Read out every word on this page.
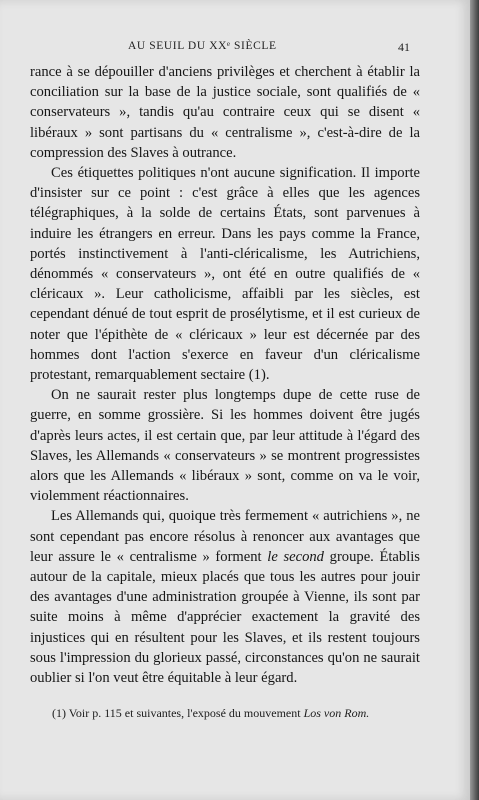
AU SEUIL DU XXᵉ SIÈCLE	41

rance à se dépouiller d'anciens privilèges et cherchent à établir la conciliation sur la base de la justice sociale, sont qualifiés de « conservateurs », tandis qu'au contraire ceux qui se disent « libéraux » sont partisans du « centralisme », c'est-à-dire de la compression des Slaves à outrance.

Ces étiquettes politiques n'ont aucune signification. Il importe d'insister sur ce point : c'est grâce à elles que les agences télégraphiques, à la solde de certains États, sont parvenues à induire les étrangers en erreur. Dans les pays comme la France, portés instinctivement à l'anti-cléricalisme, les Autrichiens, dénommés « conservateurs », ont été en outre qualifiés de « cléricaux ». Leur catholicisme, affaibli par les siècles, est cependant dénué de tout esprit de prosélytisme, et il est curieux de noter que l'épithète de « cléricaux » leur est décernée par des hommes dont l'action s'exerce en faveur d'un cléricalisme protestant, remarquablement sectaire (1).

On ne saurait rester plus longtemps dupe de cette ruse de guerre, en somme grossière. Si les hommes doivent être jugés d'après leurs actes, il est certain que, par leur attitude à l'égard des Slaves, les Allemands « conservateurs » se montrent progressistes alors que les Allemands « libéraux » sont, comme on va le voir, violemment réactionnaires.

Les Allemands qui, quoique très fermement « autrichiens », ne sont cependant pas encore résolus à renoncer aux avantages que leur assure le « centralisme » forment le second groupe. Établis autour de la capitale, mieux placés que tous les autres pour jouir des avantages d'une administration groupée à Vienne, ils sont par suite moins à même d'apprécier exactement la gravité des injustices qui en résultent pour les Slaves, et ils restent toujours sous l'impression du glorieux passé, circonstances qu'on ne saurait oublier si l'on veut être équitable à leur égard.

(1) Voir p. 115 et suivantes, l'exposé du mouvement Los von Rom.
